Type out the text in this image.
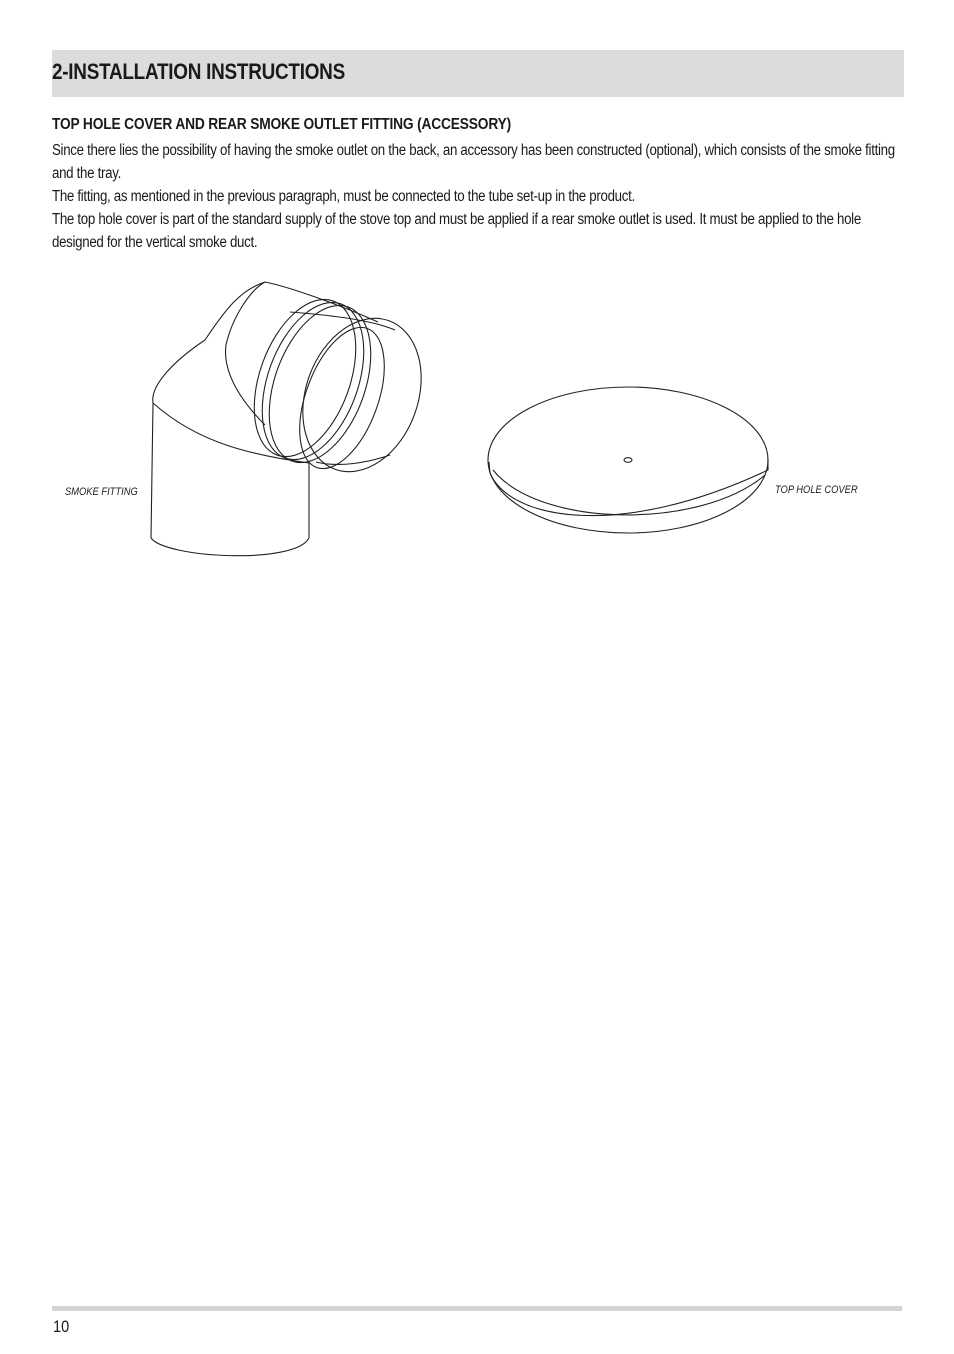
2-INSTALLATION INSTRUCTIONS
TOP HOLE COVER AND REAR SMOKE OUTLET FITTING (ACCESSORY)

Since there lies the possibility of having the smoke outlet on the back, an accessory has been constructed (optional), which consists of the smoke fitting and the tray.

The fitting, as mentioned in the previous paragraph, must be connected to the tube set-up in the product.

The top hole cover is part of the standard supply of the stove top and must be applied if a rear smoke outlet is used. It must be applied to the hole designed for the vertical smoke duct.

SMOKE FITTING	TOP HOLE COVER
10
